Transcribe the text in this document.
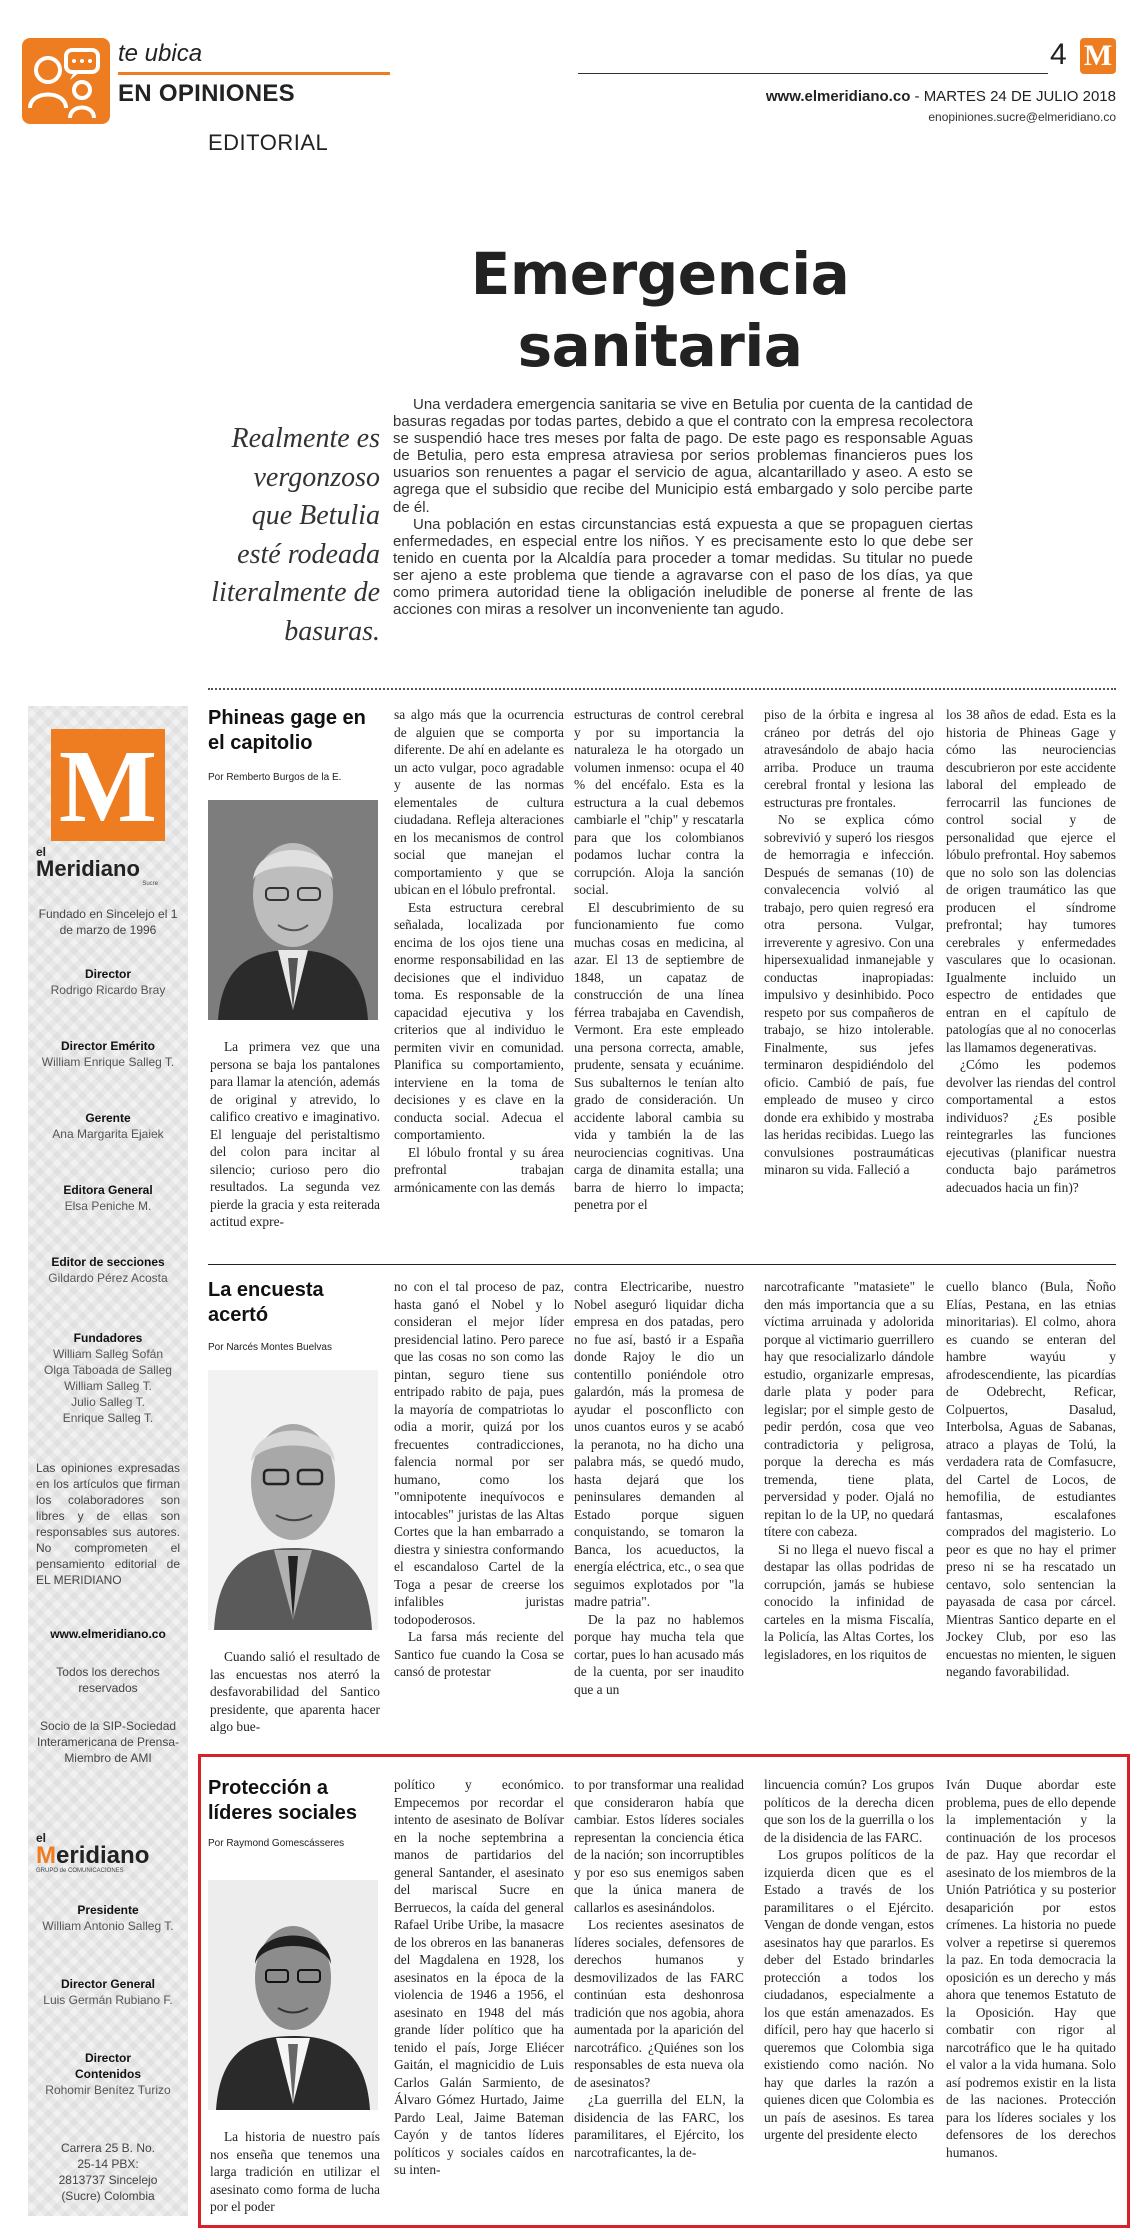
te ubica
EN OPINIONES
EDITORIAL
4 M
www.elmeridiano.co - MARTES 24 DE JULIO 2018
enopiniones.sucre@elmeridiano.co
Emergencia sanitaria
Realmente es vergonzoso que Betulia esté rodeada literalmente de basuras.

Una verdadera emergencia sanitaria se vive en Betulia por cuenta de la cantidad de basuras regadas por todas partes, debido a que el contrato con la empresa recolectora se suspendió hace tres meses por falta de pago. De este pago es responsable Aguas de Betulia, pero esta empresa atraviesa por serios problemas financieros pues los usuarios son renuentes a pagar el servicio de agua, alcantarillado y aseo. A esto se agrega que el subsidio que recibe del Municipio está embargado y solo percibe parte de él.

Una población en estas circunstancias está expuesta a que se propaguen ciertas enfermedades, en especial entre los niños. Y es precisamente esto lo que debe ser tenido en cuenta por la Alcaldía para proceder a tomar medidas. Su titular no puede ser ajeno a este problema que tiende a agravarse con el paso de los días, ya que como primera autoridad tiene la obligación ineludible de ponerse al frente de las acciones con miras a resolver un inconveniente tan agudo.

M
el
Meridiano
Sucre
Fundado en Sincelejo el 1 de marzo de 1996
Director
Rodrigo Ricardo Bray
Director Emérito
William Enrique Salleg T.
Gerente
Ana Margarita Ejaiek
Editora General
Elsa Peniche M.
Editor de secciones
Gildardo Pérez Acosta
Fundadores
William Salleg Sofán
Olga Taboada de Salleg
William Salleg T.
Julio Salleg T.
Enrique Salleg T.
Las opiniones expresadas en los artículos que firman los colaboradores son libres y de ellas son responsables sus autores. No comprometen el pensamiento editorial de EL MERIDIANO
www.elmeridiano.co
Todos los derechos reservados
Socio de la SIP-Sociedad Interamericana de Prensa- Miembro de AMI
el
Meridiano
GRUPO de COMUNICACIONES
Presidente
William Antonio Salleg T.
Director General
Luis Germán Rubiano F.
Director Contenidos
Rohomir Benítez Turizo
Carrera 25 B. No. 25-14 PBX: 2813737 Sincelejo (Sucre) Colombia
Phineas gage en el capitolio
Por Remberto Burgos de la E.

La primera vez que una persona se baja los pantalones para llamar la atención, además de original y atrevido, lo califico creativo e imaginativo. El lenguaje del peristaltismo del colon para incitar al silencio; curioso pero dio resultados. La segunda vez pierde la gracia y esta reiterada actitud expre-

sa algo más que la ocurrencia de alguien que se comporta diferente. De ahí en adelante es un acto vulgar, poco agradable y ausente de las normas elementales de cultura ciudadana. Refleja alteraciones en los mecanismos de control social que manejan el comportamiento y que se ubican en el lóbulo prefrontal.

Esta estructura cerebral señalada, localizada por encima de los ojos tiene una enorme responsabilidad en las decisiones que el individuo toma. Es responsable de la capacidad ejecutiva y los criterios que al individuo le permiten vivir en comunidad. Planifica su comportamiento, interviene en la toma de decisiones y es clave en la conducta social. Adecua el comportamiento.

El lóbulo frontal y su área prefrontal trabajan armónicamente con las demás

estructuras de control cerebral y por su importancia la naturaleza le ha otorgado un volumen inmenso: ocupa el 40 % del encéfalo. Esta es la estructura a la cual debemos cambiarle el "chip" y rescatarla para que los colombianos podamos luchar contra la corrupción. Aloja la sanción social.

El descubrimiento de su funcionamiento fue como muchas cosas en medicina, al azar. El 13 de septiembre de 1848, un capataz de construcción de una línea férrea trabajaba en Cavendish, Vermont. Era este empleado una persona correcta, amable, prudente, sensata y ecuánime. Sus subalternos le tenían alto grado de consideración. Un accidente laboral cambia su vida y también la de las neurociencias cognitivas. Una carga de dinamita estalla; una barra de hierro lo impacta; penetra por el

piso de la órbita e ingresa al cráneo por detrás del ojo atravesándolo de abajo hacia arriba. Produce un trauma cerebral frontal y lesiona las estructuras pre frontales.

No se explica cómo sobrevivió y superó los riesgos de hemorragia e infección. Después de semanas (10) de convalecencia volvió al trabajo, pero quien regresó era otra persona. Vulgar, irreverente y agresivo. Con una hipersexualidad inmanejable y conductas inapropiadas: impulsivo y desinhibido. Poco respeto por sus compañeros de trabajo, se hizo intolerable. Finalmente, sus jefes terminaron despidiéndolo del oficio. Cambió de país, fue empleado de museo y circo donde era exhibido y mostraba las heridas recibidas. Luego las convulsiones postraumáticas minaron su vida. Falleció a

los 38 años de edad. Esta es la historia de Phineas Gage y cómo las neurociencias descubrieron por este accidente laboral del empleado de ferrocarril las funciones de control social y de personalidad que ejerce el lóbulo prefrontal. Hoy sabemos que no solo son las dolencias de origen traumático las que producen el síndrome prefrontal; hay tumores cerebrales y enfermedades vasculares que lo ocasionan. Igualmente incluido un espectro de entidades que entran en el capítulo de patologías que al no conocerlas las llamamos degenerativas.

¿Cómo les podemos devolver las riendas del control comportamental a estos individuos? ¿Es posible reintegrarles las funciones ejecutivas (planificar nuestra conducta bajo parámetros adecuados hacia un fin)?

La encuesta acertó
Por Narcés Montes Buelvas

Cuando salió el resultado de las encuestas nos aterró la desfavorabilidad del Santico presidente, que aparenta hacer algo bue-

no con el tal proceso de paz, hasta ganó el Nobel y lo consideran el mejor líder presidencial latino. Pero parece que las cosas no son como las pintan, seguro tiene sus entripado rabito de paja, pues la mayoría de compatriotas lo odia a morir, quizá por los frecuentes contradicciones, falencia normal por ser humano, como los "omnipotente inequívocos e intocables" juristas de las Altas Cortes que la han embarrado a diestra y siniestra conformando el escandaloso Cartel de la Toga a pesar de creerse los infalibles juristas todopoderosos.

La farsa más reciente del Santico fue cuando la Cosa se cansó de protestar

contra Electricaribe, nuestro Nobel aseguró liquidar dicha empresa en dos patadas, pero no fue así, bastó ir a España donde Rajoy le dio un contentillo poniéndole otro galardón, más la promesa de ayudar el posconflicto con unos cuantos euros y se acabó la peranota, no ha dicho una palabra más, se quedó mudo, hasta dejará que los peninsulares demanden al Estado porque siguen conquistando, se tomaron la Banca, los acueductos, la energía eléctrica, etc., o sea que seguimos explotados por "la madre patria".

De la paz no hablemos porque hay mucha tela que cortar, pues lo han acusado más de la cuenta, por ser inaudito que a un

narcotraficante "matasiete" le den más importancia que a su víctima arruinada y adolorida porque al victimario guerrillero hay que resocializarlo dándole estudio, organizarle empresas, darle plata y poder para legislar; por el simple gesto de pedir perdón, cosa que veo contradictoria y peligrosa, porque la derecha es más tremenda, tiene plata, perversidad y poder. Ojalá no repitan lo de la UP, no quedará títere con cabeza.

Si no llega el nuevo fiscal a destapar las ollas podridas de corrupción, jamás se hubiese conocido la infinidad de carteles en la misma Fiscalía, la Policía, las Altas Cortes, los legisladores, en los riquitos de

cuello blanco (Bula, Ñoño Elías, Pestana, en las etnias minoritarias). El colmo, ahora es cuando se enteran del hambre wayúu y afrodescendiente, las picardías de Odebrecht, Reficar, Colpuertos, Dasalud, Interbolsa, Aguas de Sabanas, atraco a playas de Tolú, la verdadera rata de Comfasucre, del Cartel de Locos, de hemofilia, de estudiantes fantasmas, escalafones comprados del magisterio. Lo peor es que no hay el primer preso ni se ha rescatado un centavo, solo sentencian la payasada de casa por cárcel. Mientras Santico departe en el Jockey Club, por eso las encuestas no mienten, le siguen negando favorabilidad.

Protección a líderes sociales
Por Raymond Gomescásseres

La historia de nuestro país nos enseña que tenemos una larga tradición en utilizar el asesinato como forma de lucha por el poder

político y económico. Empecemos por recordar el intento de asesinato de Bolívar en la noche septembrina a manos de partidarios del general Santander, el asesinato del mariscal Sucre en Berruecos, la caída del general Rafael Uribe Uribe, la masacre de los obreros en las bananeras del Magdalena en 1928, los asesinatos en la época de la violencia de 1946 a 1956, el asesinato en 1948 del más grande líder político que ha tenido el país, Jorge Eliécer Gaitán, el magnicidio de Luis Carlos Galán Sarmiento, de Álvaro Gómez Hurtado, Jaime Pardo Leal, Jaime Bateman Cayón y de tantos líderes políticos y sociales caídos en su inten-

to por transformar una realidad que consideraron había que cambiar. Estos líderes sociales representan la conciencia ética de la nación; son incorruptibles y por eso sus enemigos saben que la única manera de callarlos es asesinándolos.

Los recientes asesinatos de líderes sociales, defensores de derechos humanos y desmovilizados de las FARC continúan esta deshonrosa tradición que nos agobia, ahora aumentada por la aparición del narcotráfico. ¿Quiénes son los responsables de esta nueva ola de asesinatos?

¿La guerrilla del ELN, la disidencia de las FARC, los paramilitares, el Ejército, los narcotraficantes, la de-

lincuencia común? Los grupos políticos de la derecha dicen que son los de la guerrilla o los de la disidencia de las FARC.

Los grupos políticos de la izquierda dicen que es el Estado a través de los paramilitares o el Ejército. Vengan de donde vengan, estos asesinatos hay que pararlos. Es deber del Estado brindarles protección a todos los ciudadanos, especialmente a los que están amenazados. Es difícil, pero hay que hacerlo si queremos que Colombia siga existiendo como nación. No hay que darles la razón a quienes dicen que Colombia es un país de asesinos. Es tarea urgente del presidente electo

Iván Duque abordar este problema, pues de ello depende la implementación y la continuación de los procesos de paz. Hay que recordar el asesinato de los miembros de la Unión Patriótica y su posterior desaparición por estos crímenes. La historia no puede volver a repetirse si queremos la paz. En toda democracia la oposición es un derecho y más ahora que tenemos Estatuto de la Oposición. Hay que combatir con rigor al narcotráfico que le ha quitado el valor a la vida humana. Solo así podremos existir en la lista de las naciones. Protección para los líderes sociales y los defensores de los derechos humanos.
